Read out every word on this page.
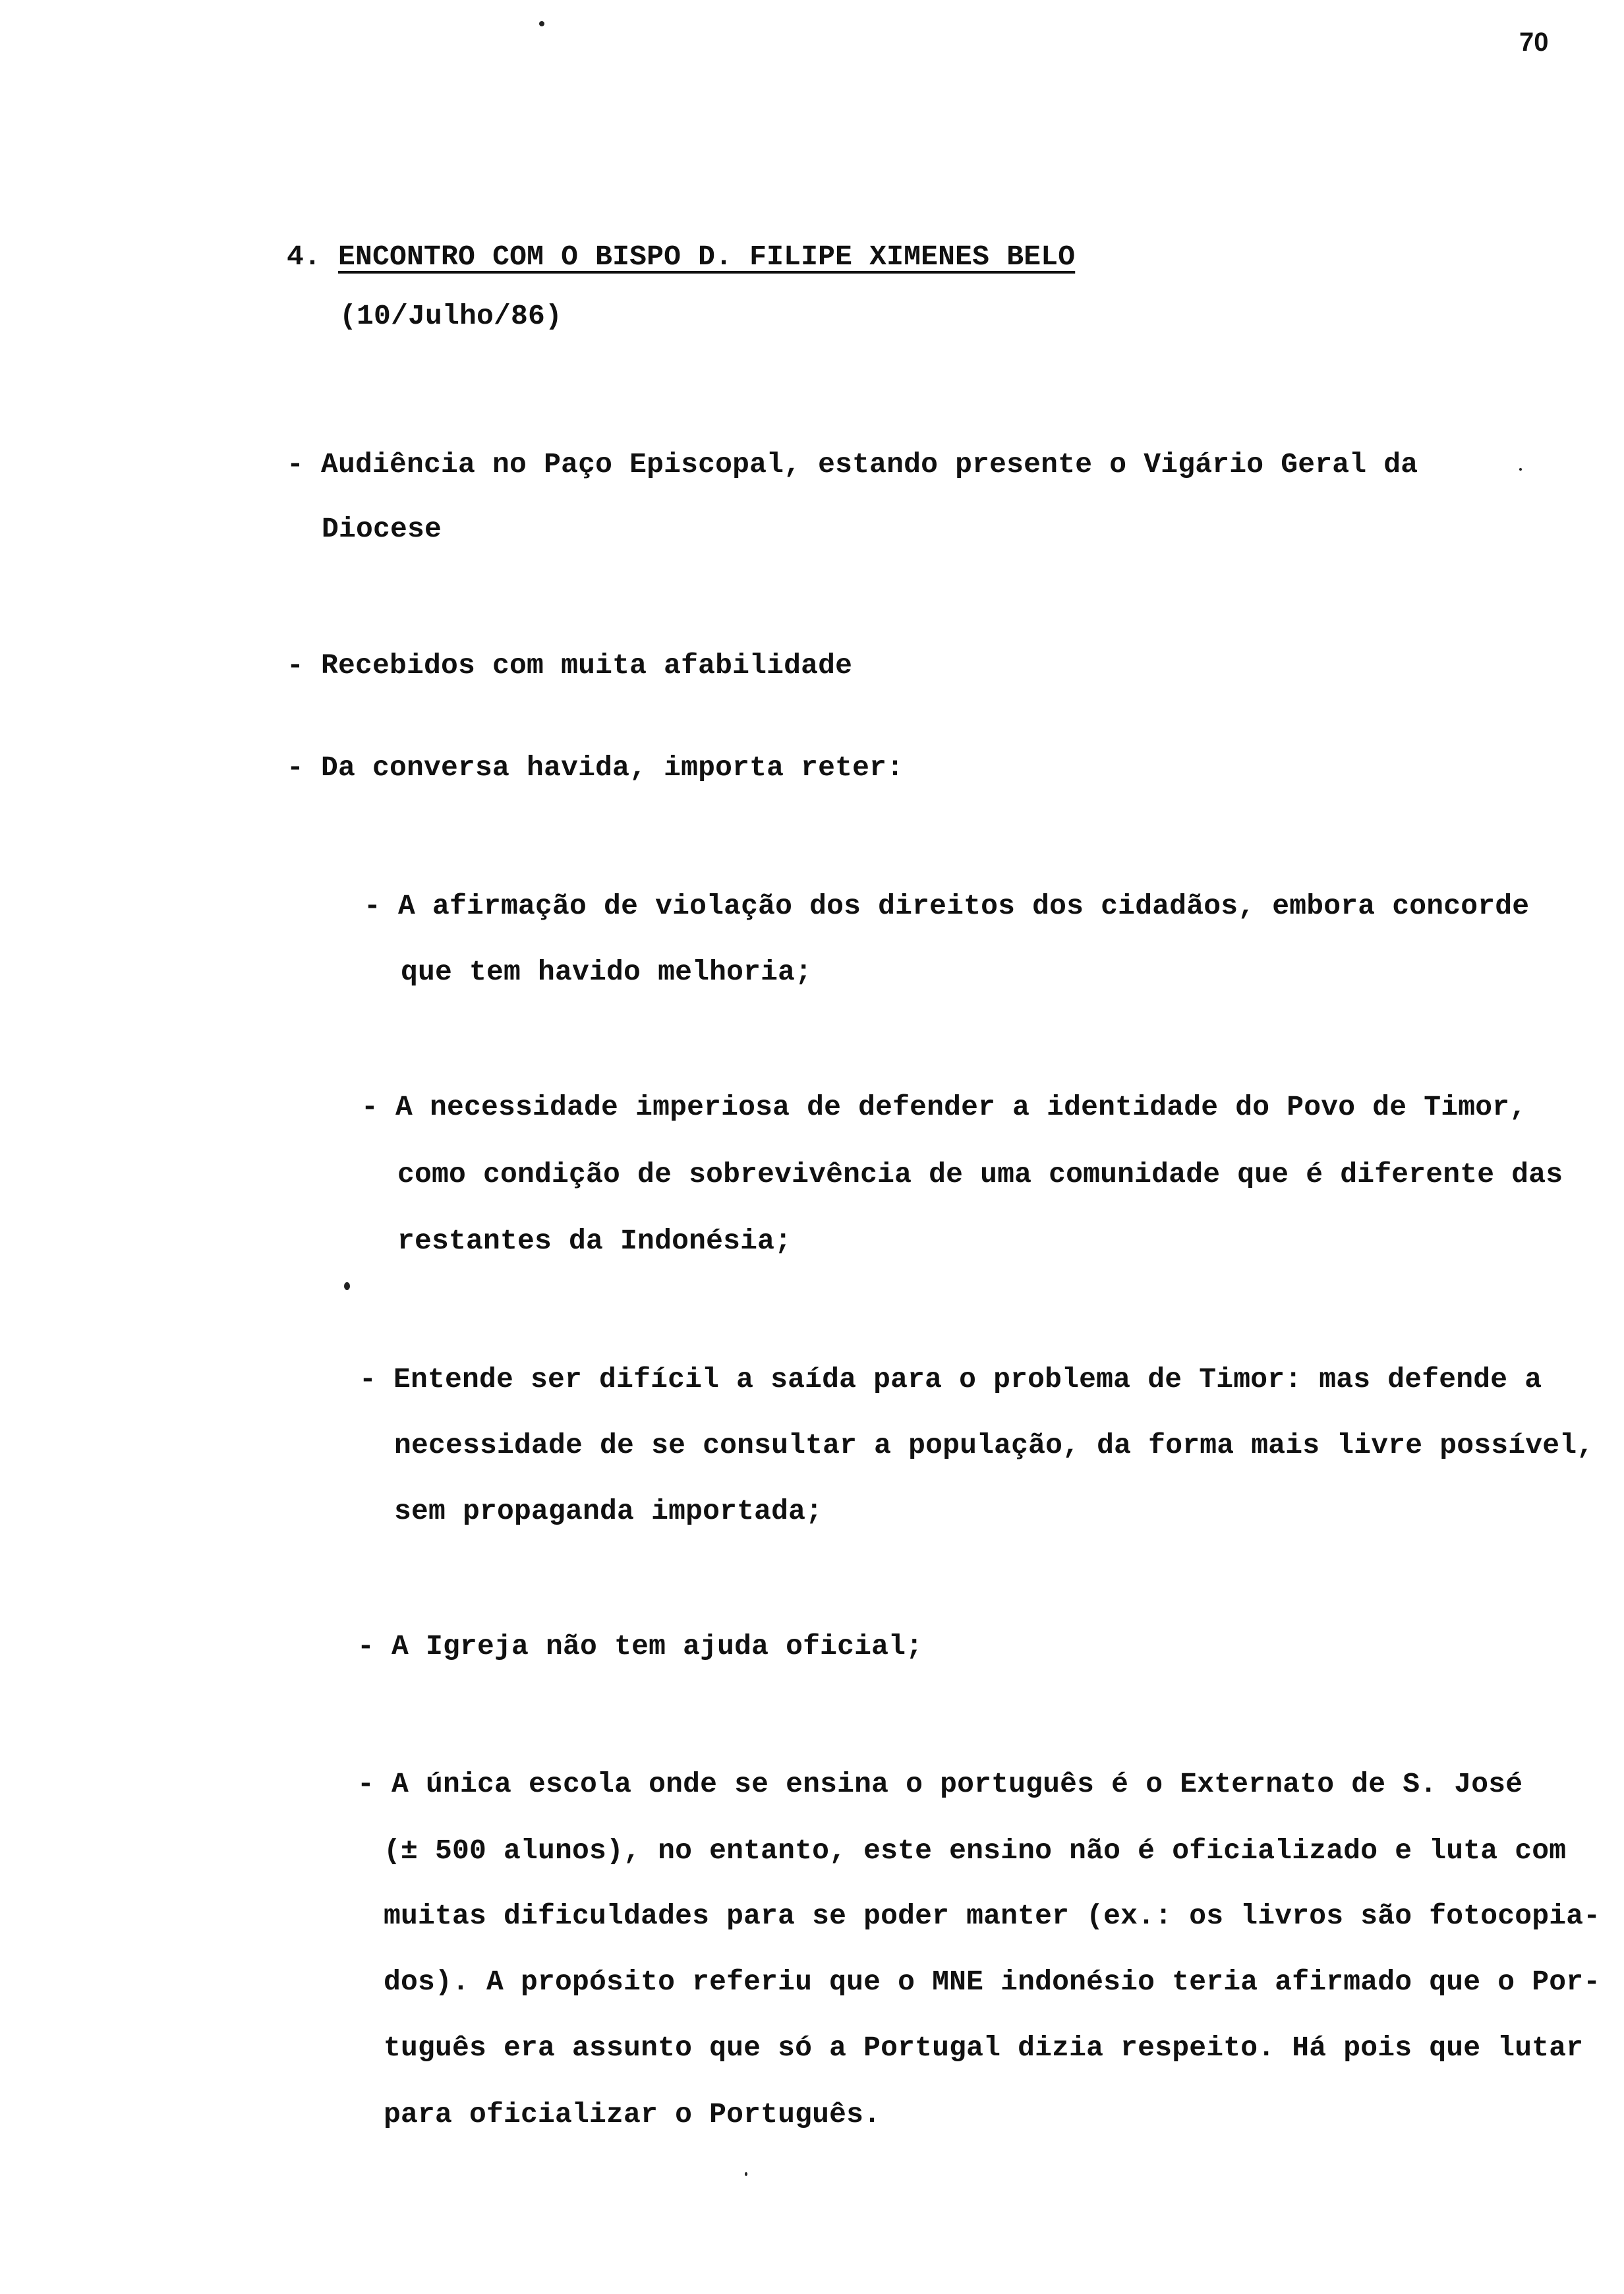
70
4. ENCONTRO COM O BISPO D. FILIPE XIMENES BELO
(10/Julho/86)
- Audiência no Paço Episcopal, estando presente o Vigário Geral da
Diocese
- Recebidos com muita afabilidade
- Da conversa havida, importa reter:
- A afirmação de violação dos direitos dos cidadãos, embora concorde
que tem havido melhoria;
- A necessidade imperiosa de defender a identidade do Povo de Timor,
como condição de sobrevivência de uma comunidade que é diferente das
restantes da Indonésia;
- Entende ser difícil a saída para o problema de Timor: mas defende a
necessidade de se consultar a população, da forma mais livre possível,
sem propaganda importada;
- A Igreja não tem ajuda oficial;
- A única escola onde se ensina o português é o Externato de S. José
(± 500 alunos), no entanto, este ensino não é oficializado e luta com
muitas dificuldades para se poder manter (ex.: os livros são fotocopia-
dos). A propósito referiu que o MNE indonésio teria afirmado que o Por-
tuguês era assunto que só a Portugal dizia respeito. Há pois que lutar
para oficializar o Português.
